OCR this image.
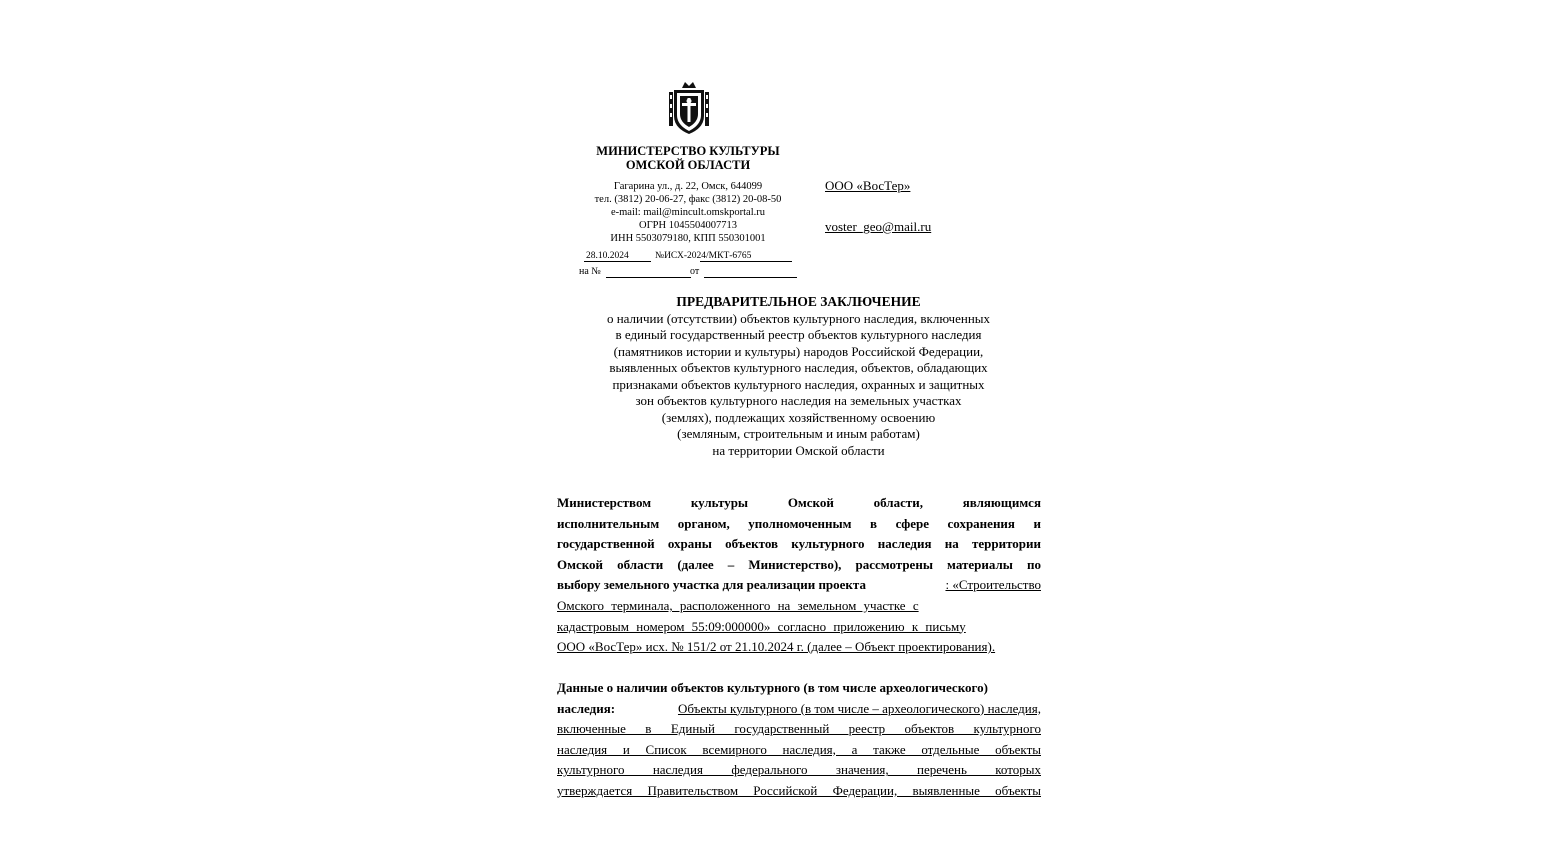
МИНИСТЕРСТВО КУЛЬТУРЫ
ОМСКОЙ ОБЛАСТИ
Гагарина ул., д. 22, Омск, 644099
тел. (3812) 20-06-27, факс (3812) 20-08-50
e-mail: mail@mincult.omskportal.ru
ОГРН 1045504007713
ИНН 5503079180, КПП 550301001
28.10.2024	№ИСХ-2024/МКТ-6765
на №	от
ООО «ВосТер»
voster_geo@mail.ru
ПРЕДВАРИТЕЛЬНОЕ ЗАКЛЮЧЕНИЕ
о наличии (отсутствии) объектов культурного наследия, включенных
в единый государственный реестр объектов культурного наследия
(памятников истории и культуры) народов Российской Федерации,
выявленных объектов культурного наследия, объектов, обладающих
признаками объектов культурного наследия, охранных и защитных
зон объектов культурного наследия на земельных участках
(землях), подлежащих хозяйственному освоению
(земляным, строительным и иным работам)
на территории Омской области
Министерством культуры Омской области, являющимся
исполнительным органом, уполномоченным в сфере сохранения и
государственной охраны объектов культурного наследия на территории
Омской области (далее – Министерство), рассмотрены материалы по
выбору земельного участка для реализации проекта	: «Строительство
Омского терминала, расположенного на земельном участке с
кадастровым номером 55:09:000000» согласно приложению к письму
ООО «ВосТер» исх. № 151/2 от 21.10.2024 г. (далее – Объект проектирования).
Данные о наличии объектов культурного (в том числе археологического)
наследия:	Объекты культурного (в том числе – археологического) наследия,
включенные в Единый государственный реестр объектов культурного
наследия и Список всемирного наследия, а также отдельные объекты
культурного наследия федерального значения, перечень которых
утверждается Правительством Российской Федерации, выявленные объекты
